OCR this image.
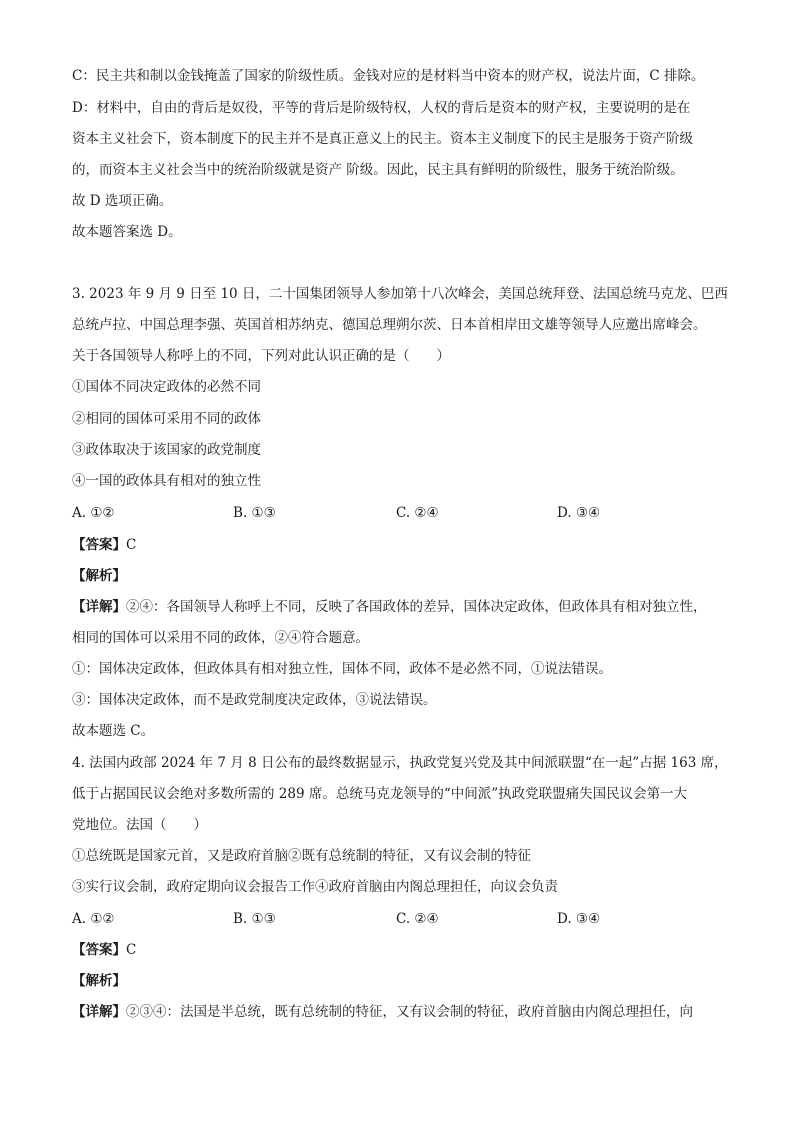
C：民主共和制以金钱掩盖了国家的阶级性质。金钱对应的是材料当中资本的财产权，说法片面，C 排除。
D：材料中，自由的背后是奴役，平等的背后是阶级特权，人权的背后是资本的财产权，主要说明的是在
资本主义社会下，资本制度下的民主并不是真正意义上的民主。资本主义制度下的民主是服务于资产阶级
的，而资本主义社会当中的统治阶级就是资产 阶级。因此，民主具有鲜明的阶级性，服务于统治阶级。
故 D 选项正确。
故本题答案选 D。
3. 2023 年 9 月 9 日至 10 日，二十国集团领导人参加第十八次峰会，美国总统拜登、法国总统马克龙、巴西
总统卢拉、中国总理李强、英国首相苏纳克、德国总理朔尔茨、日本首相岸田文雄等领导人应邀出席峰会。
关于各国领导人称呼上的不同，下列对此认识正确的是（　　）
①国体不同决定政体的必然不同
②相同的国体可采用不同的政体
③政体取决于该国家的政党制度
④一国的政体具有相对的独立性
A. ①②	B. ①③	C. ②④	D. ③④
【答案】C
【解析】
【详解】②④：各国领导人称呼上不同，反映了各国政体的差异，国体决定政体，但政体具有相对独立性，
相同的国体可以采用不同的政体，②④符合题意。
①：国体决定政体，但政体具有相对独立性，国体不同，政体不是必然不同，①说法错误。
③：国体决定政体，而不是政党制度决定政体，③说法错误。
故本题选 C。
4. 法国内政部 2024 年 7 月 8 日公布的最终数据显示，执政党复兴党及其中间派联盟“在一起”占据 163 席，
低于占据国民议会绝对多数所需的 289 席。总统马克龙领导的“中间派”执政党联盟痛失国民议会第一大
党地位。法国（　　）
①总统既是国家元首，又是政府首脑②既有总统制的特征，又有议会制的特征
③实行议会制，政府定期向议会报告工作④政府首脑由内阁总理担任，向议会负责
A. ①②	B. ①③	C. ②④	D. ③④
【答案】C
【解析】
【详解】②③④：法国是半总统，既有总统制的特征，又有议会制的特征，政府首脑由内阁总理担任，向
